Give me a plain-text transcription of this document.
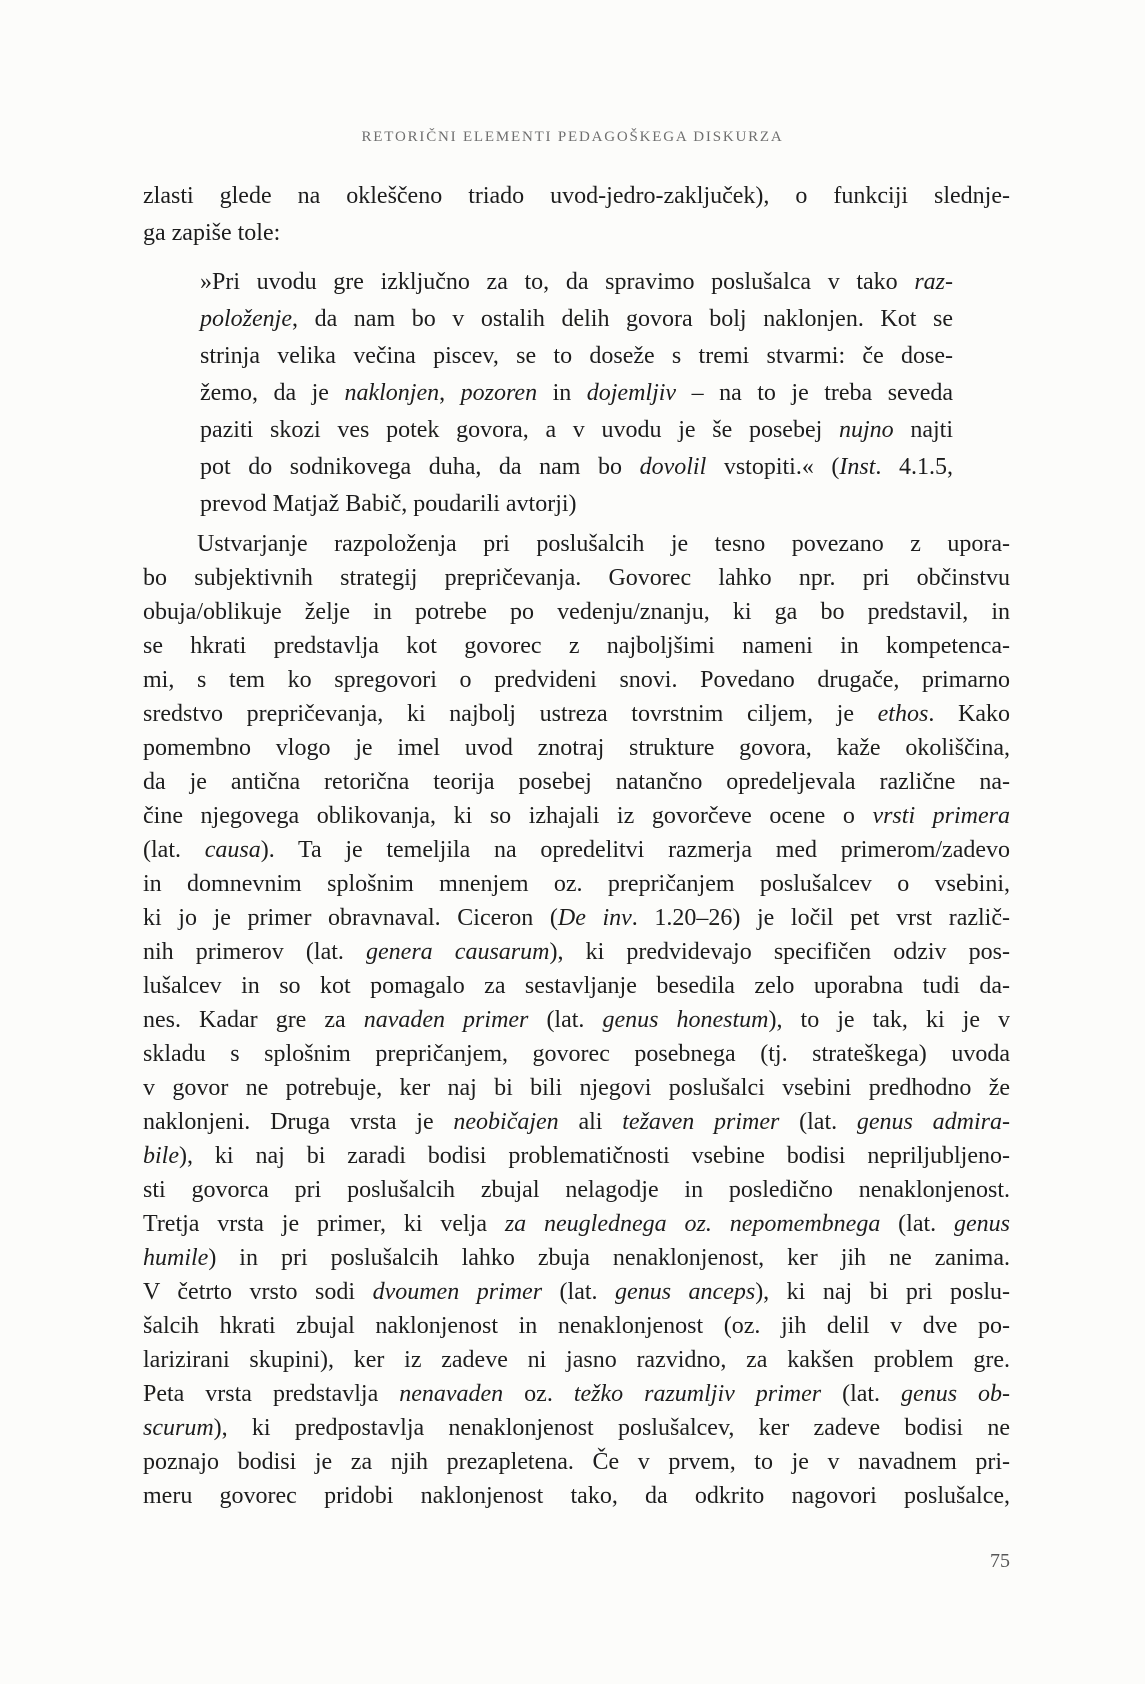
RETORIČNI ELEMENTI PEDAGOŠKEGA DISKURZA
zlasti glede na okleščeno triado uvod-jedro-zaključek), o funkciji slednje-
ga zapiše tole:
»Pri uvodu gre izključno za to, da spravimo poslušalca v tako raz-
položenje, da nam bo v ostalih delih govora bolj naklonjen. Kot se
strinja velika večina piscev, se to doseže s tremi stvarmi: če dose-
žemo, da je naklonjen, pozoren in dojemljiv – na to je treba seveda
paziti skozi ves potek govora, a v uvodu je še posebej nujno najti
pot do sodnikovega duha, da nam bo dovolil vstopiti.« (Inst. 4.1.5,
prevod Matjaž Babič, poudarili avtorji)
Ustvarjanje razpoloženja pri poslušalcih je tesno povezano z upora-
bo subjektivnih strategij prepričevanja. Govorec lahko npr. pri občinstvu
obuja/oblikuje želje in potrebe po vedenju/znanju, ki ga bo predstavil, in
se hkrati predstavlja kot govorec z najboljšimi nameni in kompetenca-
mi, s tem ko spregovori o predvideni snovi. Povedano drugače, primarno
sredstvo prepričevanja, ki najbolj ustreza tovrstnim ciljem, je ethos. Kako
pomembno vlogo je imel uvod znotraj strukture govora, kaže okoliščina,
da je antična retorična teorija posebej natančno opredeljevala različne na-
čine njegovega oblikovanja, ki so izhajali iz govorčeve ocene o vrsti primera
(lat. causa). Ta je temeljila na opredelitvi razmerja med primerom/zadevo
in domnevnim splošnim mnenjem oz. prepričanjem poslušalcev o vsebini,
ki jo je primer obravnaval. Ciceron (De inv. 1.20–26) je ločil pet vrst različ-
nih primerov (lat. genera causarum), ki predvidevajo specifičen odziv pos-
lušalcev in so kot pomagalo za sestavljanje besedila zelo uporabna tudi da-
nes. Kadar gre za navaden primer (lat. genus honestum), to je tak, ki je v
skladu s splošnim prepričanjem, govorec posebnega (tj. strateškega) uvoda
v govor ne potrebuje, ker naj bi bili njegovi poslušalci vsebini predhodno že
naklonjeni. Druga vrsta je neobičajen ali težaven primer (lat. genus admira-
bile), ki naj bi zaradi bodisi problematičnosti vsebine bodisi nepriljubljeno-
sti govorca pri poslušalcih zbujal nelagodje in posledično nenaklonjenost.
Tretja vrsta je primer, ki velja za neuglednega oz. nepomembnega (lat. genus
humile) in pri poslušalcih lahko zbuja nenaklonjenost, ker jih ne zanima.
V četrto vrsto sodi dvoumen primer (lat. genus anceps), ki naj bi pri poslu-
šalcih hkrati zbujal naklonjenost in nenaklonjenost (oz. jih delil v dve po-
larizirani skupini), ker iz zadeve ni jasno razvidno, za kakšen problem gre.
Peta vrsta predstavlja nenavaden oz. težko razumljiv primer (lat. genus ob-
scurum), ki predpostavlja nenaklonjenost poslušalcev, ker zadeve bodisi ne
poznajo bodisi je za njih prezapletena. Če v prvem, to je v navadnem pri-
meru govorec pridobi naklonjenost tako, da odkrito nagovori poslušalce,
75
